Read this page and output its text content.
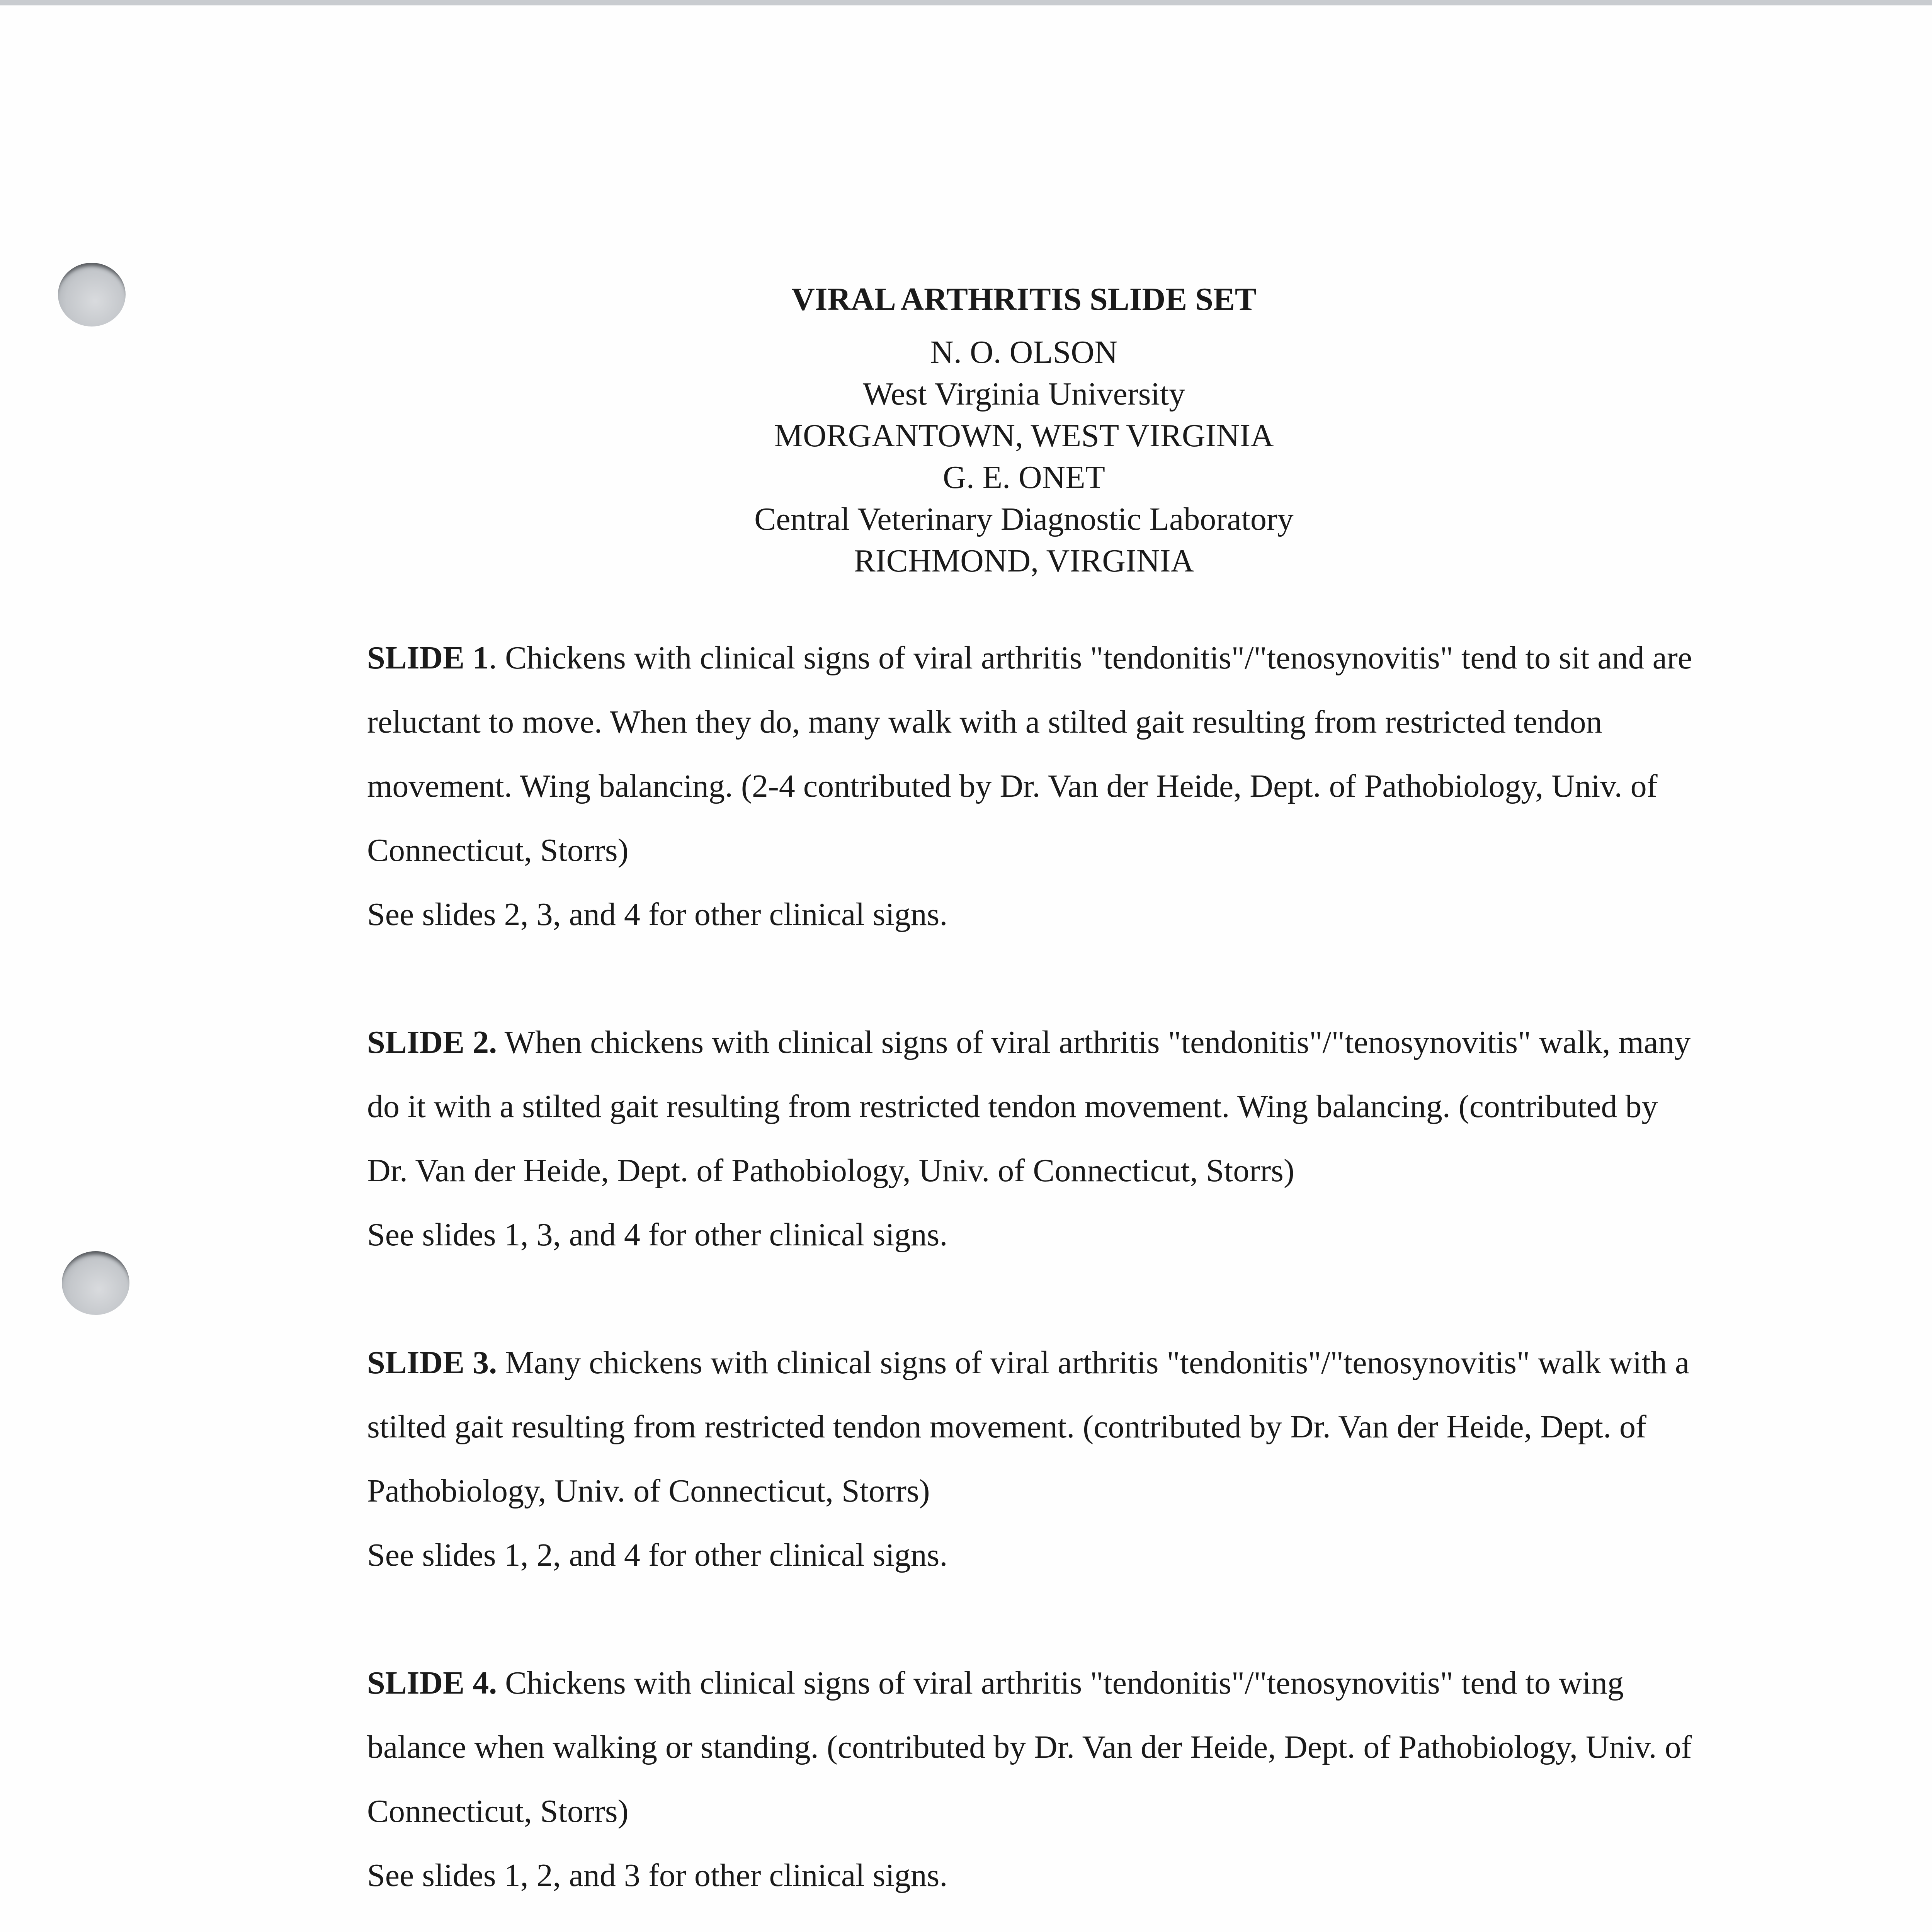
VIRAL ARTHRITIS SLIDE SET
N. O. OLSON
West Virginia University
MORGANTOWN, WEST VIRGINIA
G. E. ONET
Central Veterinary Diagnostic Laboratory
RICHMOND, VIRGINIA

SLIDE 1. Chickens with clinical signs of viral arthritis "tendonitis"/"tenosynovitis" tend to sit and are reluctant to move. When they do, many walk with a stilted gait resulting from restricted tendon movement. Wing balancing. (2-4 contributed by Dr. Van der Heide, Dept. of Pathobiology, Univ. of Connecticut, Storrs)
See slides 2, 3, and 4 for other clinical signs.

SLIDE 2. When chickens with clinical signs of viral arthritis "tendonitis"/"tenosynovitis" walk, many do it with a stilted gait resulting from restricted tendon movement. Wing balancing. (contributed by Dr. Van der Heide, Dept. of Pathobiology, Univ. of Connecticut, Storrs)
See slides 1, 3, and 4 for other clinical signs.

SLIDE 3. Many chickens with clinical signs of viral arthritis "tendonitis"/"tenosynovitis" walk with a stilted gait resulting from restricted tendon movement. (contributed by Dr. Van der Heide, Dept. of Pathobiology, Univ. of Connecticut, Storrs)
See slides 1, 2, and 4 for other clinical signs.

SLIDE 4. Chickens with clinical signs of viral arthritis "tendonitis"/"tenosynovitis" tend to wing balance when walking or standing. (contributed by Dr. Van der Heide, Dept. of Pathobiology, Univ. of Connecticut, Storrs)
See slides 1, 2, and 3 for other clinical signs.
